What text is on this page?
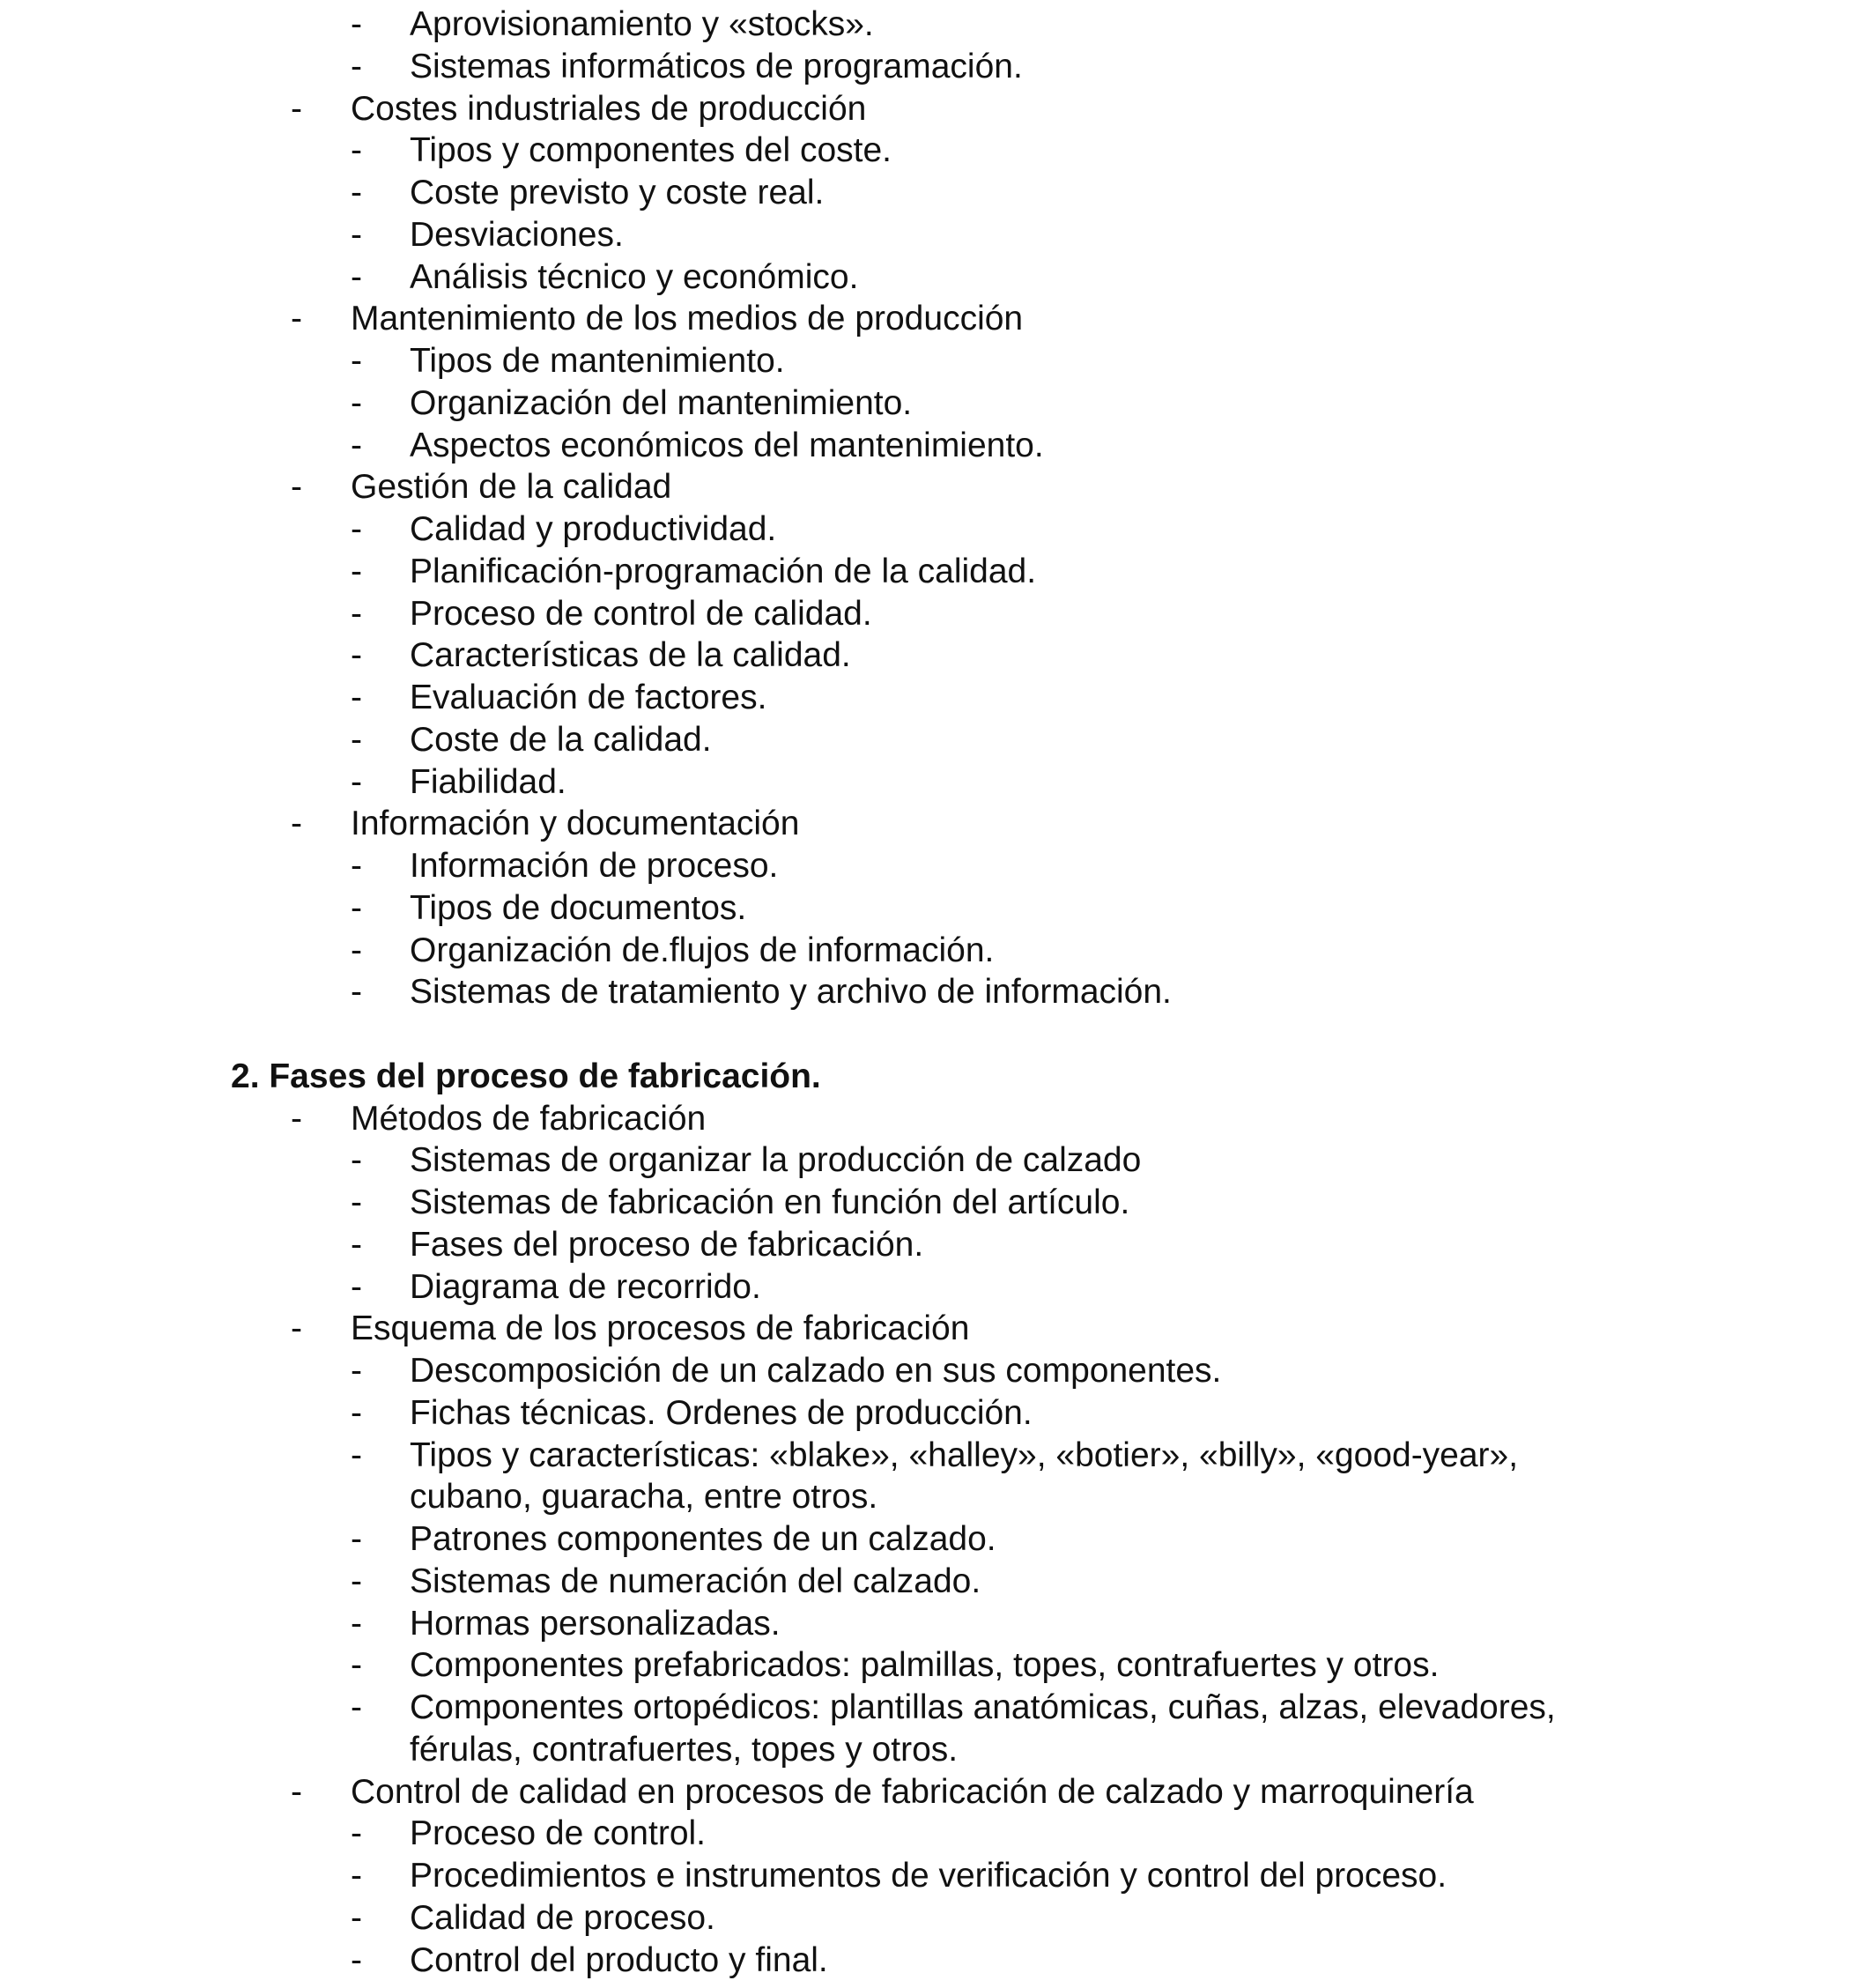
- Aprovisionamiento y «stocks».
- Sistemas informáticos de programación.
- Costes industriales de producción
- Tipos y componentes del coste.
- Coste previsto y coste real.
- Desviaciones.
- Análisis técnico y económico.
- Mantenimiento de los medios de producción
- Tipos de mantenimiento.
- Organización del mantenimiento.
- Aspectos económicos del mantenimiento.
- Gestión de la calidad
- Calidad y productividad.
- Planificación-programación de la calidad.
- Proceso de control de calidad.
- Características de la calidad.
- Evaluación de factores.
- Coste de la calidad.
- Fiabilidad.
- Información y documentación
- Información de proceso.
- Tipos de documentos.
- Organización de.flujos de información.
- Sistemas de tratamiento y archivo de información.
2. Fases del proceso de fabricación.
- Métodos de fabricación
- Sistemas de organizar la producción de calzado
- Sistemas de fabricación en función del artículo.
- Fases del proceso de fabricación.
- Diagrama de recorrido.
- Esquema de los procesos de fabricación
- Descomposición de un calzado en sus componentes.
- Fichas técnicas. Ordenes de producción.
- Tipos y características: «blake», «halley», «botier», «billy», «good-year»,
cubano, guaracha, entre otros.
- Patrones componentes de un calzado.
- Sistemas de numeración del calzado.
- Hormas personalizadas.
- Componentes prefabricados: palmillas, topes, contrafuertes y otros.
- Componentes ortopédicos: plantillas anatómicas, cuñas, alzas, elevadores,
férulas, contrafuertes, topes y otros.
- Control de calidad en procesos de fabricación de calzado y marroquinería
- Proceso de control.
- Procedimientos e instrumentos de verificación y control del proceso.
- Calidad de proceso.
- Control del producto y final.
